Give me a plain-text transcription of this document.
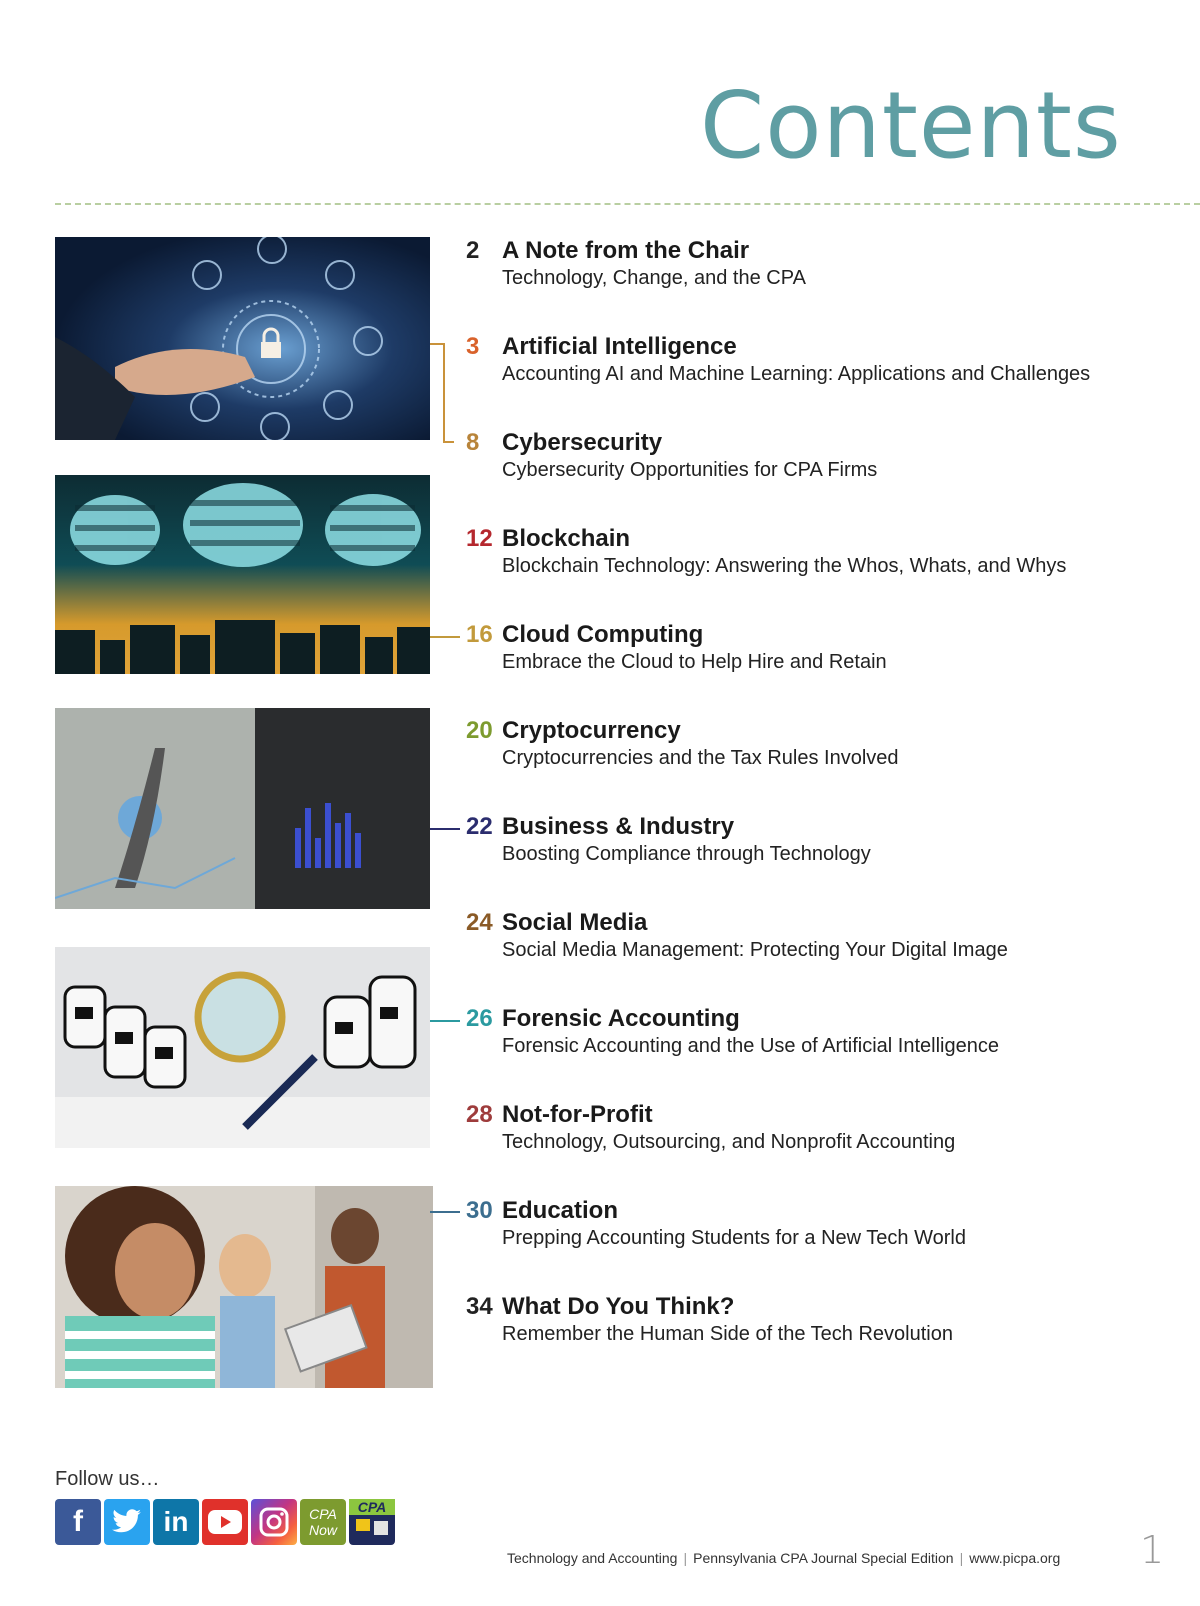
Contents
2 A Note from the Chair
Technology, Change, and the CPA
3 Artificial Intelligence
Accounting AI and Machine Learning: Applications and Challenges
8 Cybersecurity
Cybersecurity Opportunities for CPA Firms
12 Blockchain
Blockchain Technology: Answering the Whos, Whats, and Whys
16 Cloud Computing
Embrace the Cloud to Help Hire and Retain
20 Cryptocurrency
Cryptocurrencies and the Tax Rules Involved
22 Business & Industry
Boosting Compliance through Technology
24 Social Media
Social Media Management: Protecting Your Digital Image
26 Forensic Accounting
Forensic Accounting and the Use of Artificial Intelligence
28 Not-for-Profit
Technology, Outsourcing, and Nonprofit Accounting
30 Education
Prepping Accounting Students for a New Tech World
34 What Do You Think?
Remember the Human Side of the Tech Revolution
Follow us…
f	in	CPA
Now
CPA
Technology and Accounting | Pennsylvania CPA Journal Special Edition | www.picpa.org 1
